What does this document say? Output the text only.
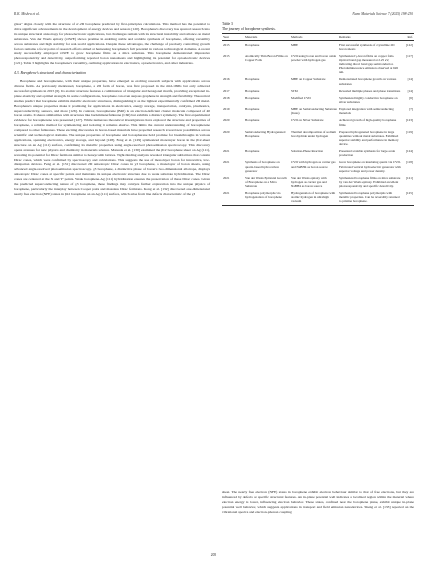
R.K. Mishra et al.	Nano Materials Science 7 (2025) 198-230

glass" aligns closely with the structure of α'-2D borophene predicted by first-principles calculations. This method has the potential to drive significant advancements in the development of energy devices and sensors [120]. Borophene's discovery has spurred research into its unique structural anisotropy for photoelectronic applications, but challenges remain with its structural instability and reliance on metal substrates. Van der Waals epitaxy (vdWE) shows promise in enabling stable and scalable synthesis of borophene, offering versatility across substrates and high stability for real-world applications. Despite these advantages, the challenge of precisely controlling growth factors remains a focal point of research efforts aimed at harnessing borophene's full potential in various technological domains. A recent study successfully employed vdWE to grow borophene films on a mica substrate. This borophene demonstrated impressive photoresponsivity and detectivity, outperforming reported boron nanosheets and highlighting its potential for optoelectronic devices [121]. Table 3 highlights the borophene's versatility, outlining applications in electronics, optoelectronics, and other industries.

4.3. Borophene's structural and characterization

Borophene and borospherene, with their unique properties, have emerged as exciting research subjects with applications across diverse fields. As previously mentioned, borophene, a 2D form of boron, was first proposed in the mid-1990s but only achieved successful synthesis in 2015 [6]. Its atomic structure features a combination of triangular and hexagonal motifs, providing exceptional in-plane elasticity and optimal strength. In some configurations, borophene can even surpass graphene in strength and flexibility. Theoretical studies predict that borophene exhibits metallic electronic structures, distinguishing it as the lightest experimentally confirmed 2D metal. Borophene's unique properties make it promising for applications in electronics, energy storage, transportation, catalysis, plasmonics, superconductivity, sensors, and more [126]. In contrast, borospherene (B40) is an electron-deficient cluster molecule composed of 40 boron atoms. It shares similarities with structures like buckminsterfullerene (C60) but exhibits a distinct symmetry. The first experimental evidence for borospherene was presented [127]. While numerous theoretical investigations have explored the structure and properties of borophene, a reliable method for synthesizing and isolating it remains elusive. This limits the current understanding of borospherene compared to other fullerenes. These exciting discoveries in boron-based materials have propelled research toward new possibilities across scientific and technological domains. The unique properties of borophene and borospherene hold promise for breakthroughs in various applications, spanning electronics, energy storage, and beyond [128]. Feng et al. [129] synthesized monolayer boron in the β12-sheet structure on an Ag (111) surface, confirming its metallic properties using angle-resolved photoemission spectroscopy. This discovery opens avenues for new physics and chemistry in materials science. Matsuda et al. [130] examined the β12 borophene sheet on Ag (111), revealing its potential for Dirac fermions similar to honeycomb lattices. Tight-binding analysis revealed triangular sublattices that contain Dirac cones, which were confirmed by spectroscopy and calculations. This suggests the use of monolayer boron for innovative, low-dissipation devices. Feng et al. [131] discovered 2D anisotropic Dirac cones in χ3 borophene, a monolayer of boron sheets, using advanced angle-resolved photoemission spectroscopy. χ3 borophene, a distinctive phase of boron's two-dimensional allotrope, displays anisotropic Dirac cones at specific points and maintains its unique electronic structure due to weak substrate hybridization. The Dirac cones are centered at the X and Y' points. Weak borophene-Ag (111) hybridization ensures the preservation of these Dirac cones. Given the predicted superconducting nature of χ3 borophene, these findings may catalyze further exploration into the unique physics of borophene, particularly the interplay between Cooper pairs and massless Dirac fermions. Kong et al. [132] discovered one-dimensional nearly free electron (NFE) states in β12 borophene on an Ag (111) surface, which arise from line defects characteristic of the χ3

Table 3
The journey of borophene synthesis.
Year	Materials	Methods	Remarks	Ref.
2015	Borophene	MBE	First successful synthesis of crystalline 2D boron sheets	[122]
2015	Atomically Thin Boron Films on Copper Foils	CVD using boron and boron oxide powder with hydrogen gas	Synthesized γ-boron films on copper foils. Optical band gap measured at 2.25 eV, indicating direct band gap semiconductor. Photoluminescence emission observed at 626 nm.	[117]
2016	Borophene	MBE on Copper Substrate	Demonstrated borophene growth on various substrates	[14]
2017	Borophene	STM	Revealed multiple phases and phase transitions	[14]
2018	Borophene	Modified CVD	Synthesized highly conductive borophene on silver substrates	[6]
2019	Borophene	MBE on Semiconducting Substrate (InAs)	Explored integration with semiconducting materials	[7]
2020	Borophene	CVD on Silver Substrate	Achieved growth of high-quality borophene films	[123]
2020	Semiconducting Hydrogenated Borophene	Thermal decomposition of sodium borohydride under hydrogen	Prepared hydrogenated borophene in large quantities without metal substrates. Exhibited superior stability and performance in memory device.	[119]
2021	Borophene	Solution-Phase Reaction	Presented scalable synthesis for large-scale production	[124]
2021	Synthesis of borophene on quartz-based hydrocarbon generator	CVD with hydrogen as carrier gas and NaBH4 as boron source	Grew borophene on insulating quartz via CVD. Fabricated vertical hydroelectric generator with superior voltage and power density.	[118]
2021	Van der Waals Epitaxial Growth of Borophene on a Mica Substrate	Van der Waals epitaxy with hydrogen as carrier gas and NaBH4 as boron source	Synthesized borophene films on mica substrate by van der Waals epitaxy. Exhibited excellent photoresponsivity and specific detectivity.	[121]
2021	Borophene polymorphs via hydrogenation of borophene	Hydrogenation of borophene with atomic hydrogen in ultrahigh vacuum	Synthesized borophene polymorphs with metallic properties. Can be reversibly returned to pristine borophene.	[125]
sheet. The nearly free electron (NFE) states in borophene exhibit electron behaviour similar to that of free electrons, but they are influenced by defects or specific structural features. An in-plane potential well indicates a localized region within the material where electron energy is lower, influencing electron behavior. These states, confined near the borophene plane, exhibit unique in-plane potential well behavior, which suggests applications in transport and field emission nanodevices. Sheng et al. [133] reported on the vibrational spectra and electron-phonon coupling
205
